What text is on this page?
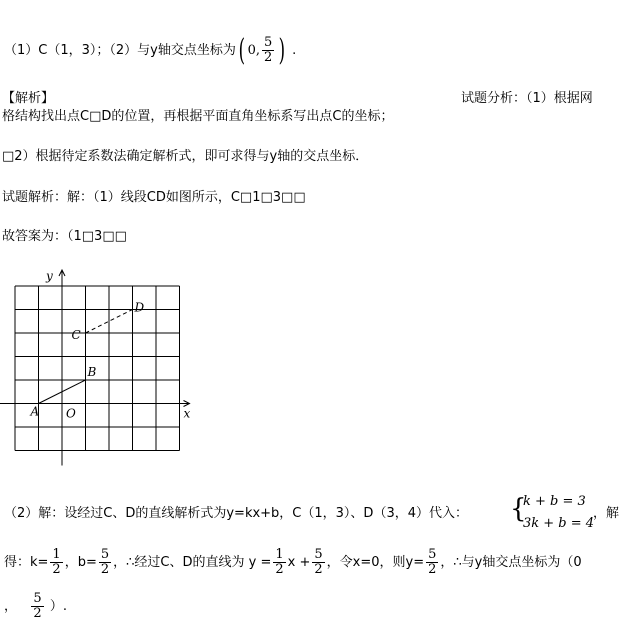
（1）C（1，3）；（2）与y轴交点坐标为( 0, $\frac{5}{2}$ ) .
【解析】	试题分析：（1）根据网
格结构找出点C□D的位置，再根据平面直角坐标系写出点C的坐标；
□2）根据待定系数法确定解析式，即可求得与y轴的交点坐标．
试题解析：解：（1）线段CD如图所示，C□1□3□□
故答案为：（1□3□□
x
y
O
A
B
C
D
（2）解：设经过C、D的直线解析式为y=kx+b，C（1，3）、D（3，4）代入： {
k + b = 3
3k + b = 4
，解
得：$k= \frac{1}{2}$ ，$b= \frac{5}{2}$ ，∴经过C、D的直线为 $y = \frac{1}{2}$ $x + \frac{5}{2}$ ，令x=0，则$y= \frac{5}{2}$ ，∴与y轴交点坐标为（0
， $\frac{5}{2}$ ）.
